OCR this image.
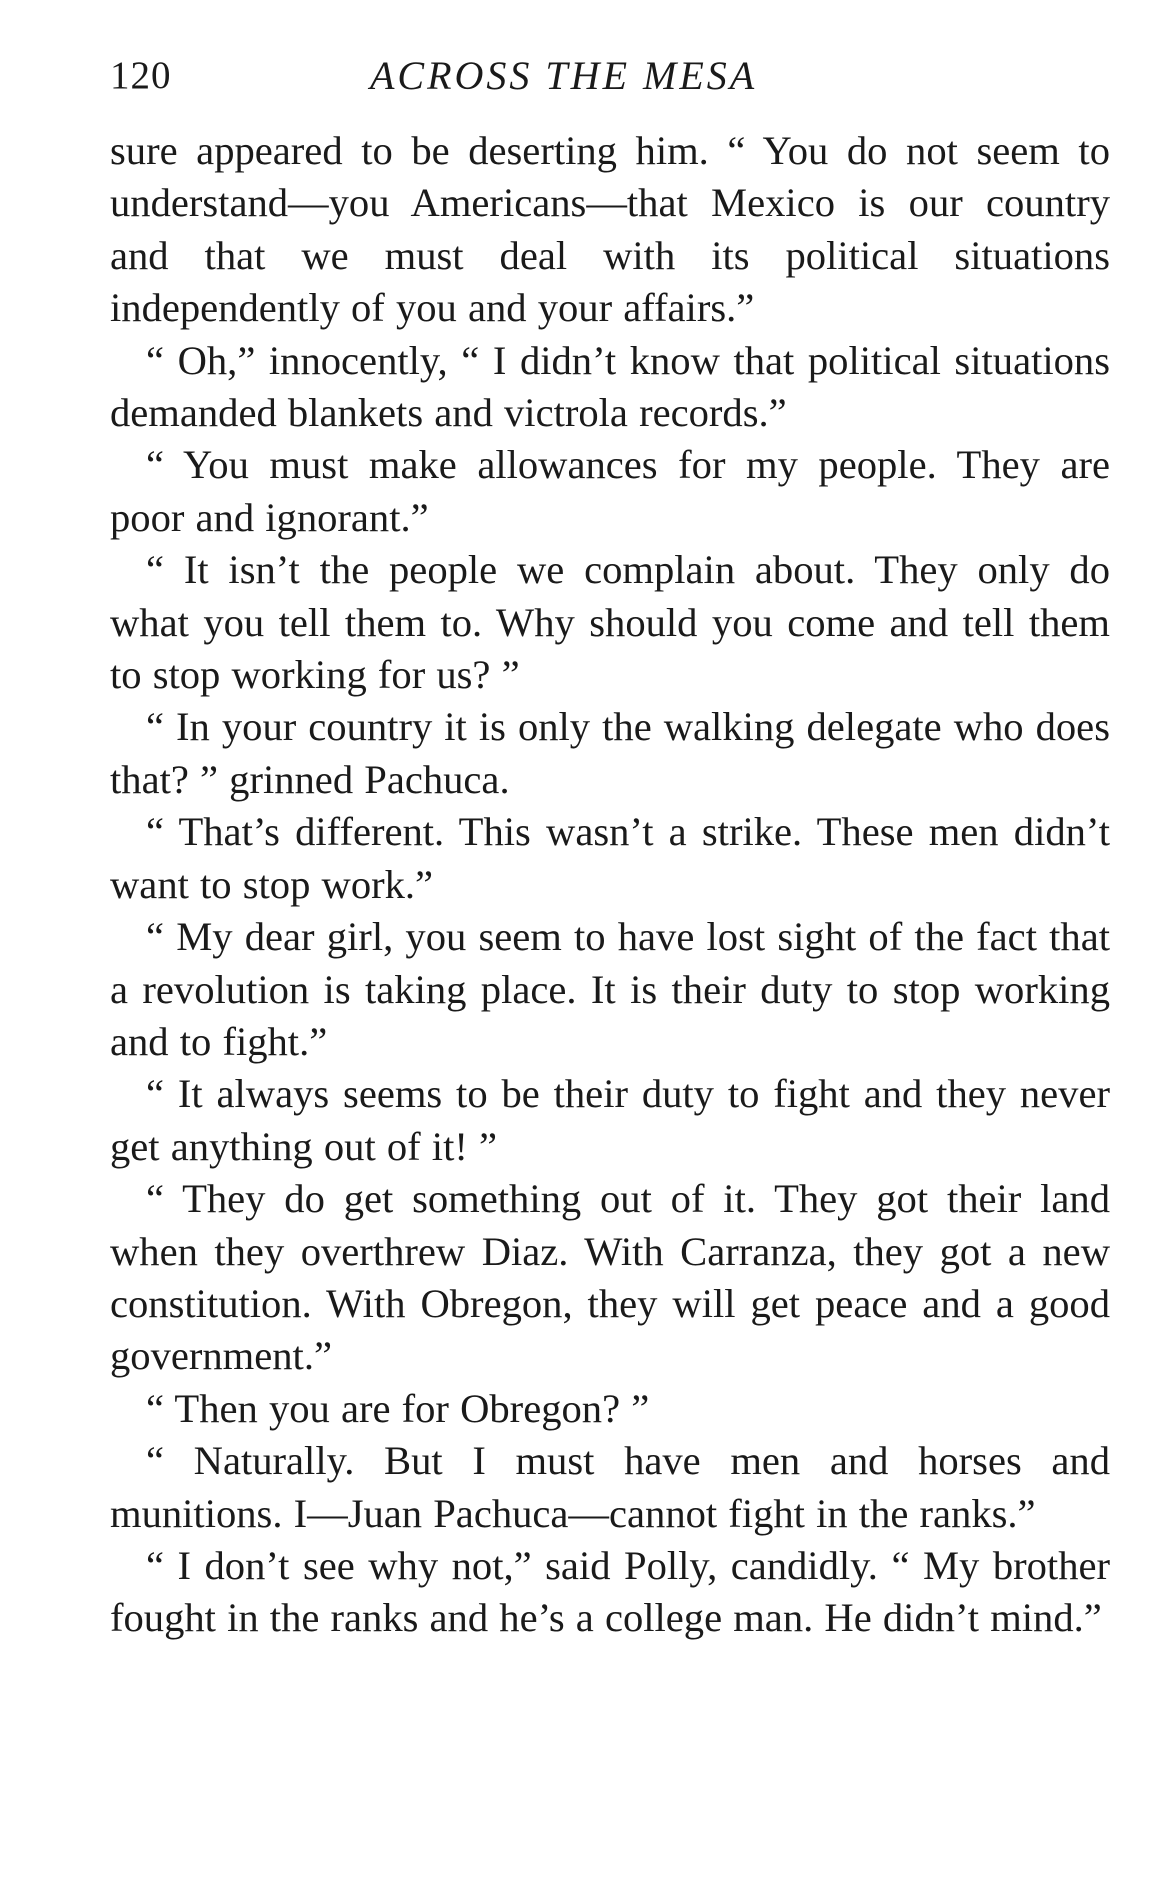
120	ACROSS THE MESA

sure appeared to be deserting him. “ You do not seem to understand—you Americans—that Mexico is our country and that we must deal with its political situations independently of you and your affairs.”

“ Oh,” innocently, “ I didn’t know that political situations demanded blankets and victrola records.”

“ You must make allowances for my people. They are poor and ignorant.”

“ It isn’t the people we complain about. They only do what you tell them to. Why should you come and tell them to stop working for us? ”

“ In your country it is only the walking delegate who does that? ” grinned Pachuca.

“ That’s different. This wasn’t a strike. These men didn’t want to stop work.”

“ My dear girl, you seem to have lost sight of the fact that a revolution is taking place. It is their duty to stop working and to fight.”

“ It always seems to be their duty to fight and they never get anything out of it! ”

“ They do get something out of it. They got their land when they overthrew Diaz. With Carranza, they got a new constitution. With Obregon, they will get peace and a good government.”

“ Then you are for Obregon? ”

“ Naturally. But I must have men and horses and munitions. I—Juan Pachuca—cannot fight in the ranks.”

“ I don’t see why not,” said Polly, candidly. “ My brother fought in the ranks and he’s a college man. He didn’t mind.”
